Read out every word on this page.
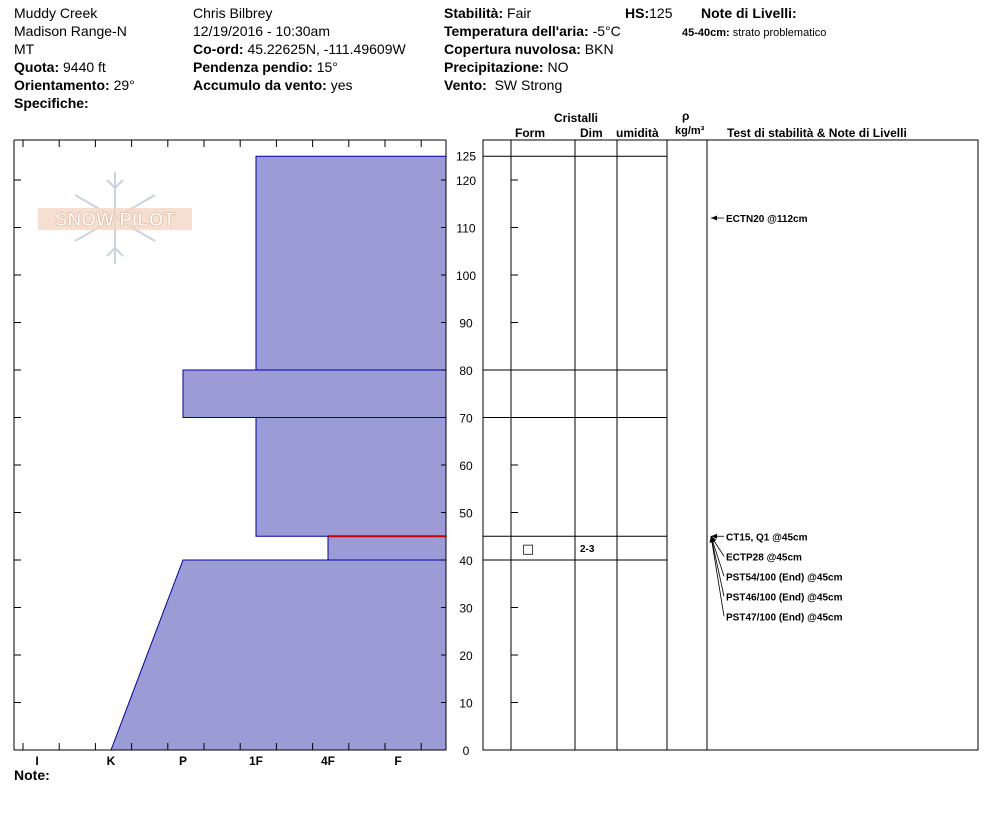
Muddy Creek
Madison Range-N
MT
Quota: 9440 ft
Orientamento: 29°
Specifiche:
Chris Bilbrey
12/19/2016 - 10:30am
Co-ord: 45.22625N, -111.49609W
Pendenza pendio: 15°
Accumulo da vento: yes
Stabilità: Fair
Temperatura dell'aria: -5°C
Copertura nuvolosa: BKN
Precipitazione: NO
Vento: SW Strong
HS:125 Note di Livelli:
45-40cm: strato problematico
Cristalli
Form	Dim umidità
ρ
kg/m³ Test di stabilità & Note di Livelli
Note:
SNOW PILOT
I	K	P	1F	4F	F
0
10
20
30
40
50
60
70
80
90
100
110
120
125
□	2-3
ECTN20 @112cm
CT15, Q1 @45cm
ECTP28 @45cm
PST54/100 (End) @45cm
PST46/100 (End) @45cm
PST47/100 (End) @45cm
